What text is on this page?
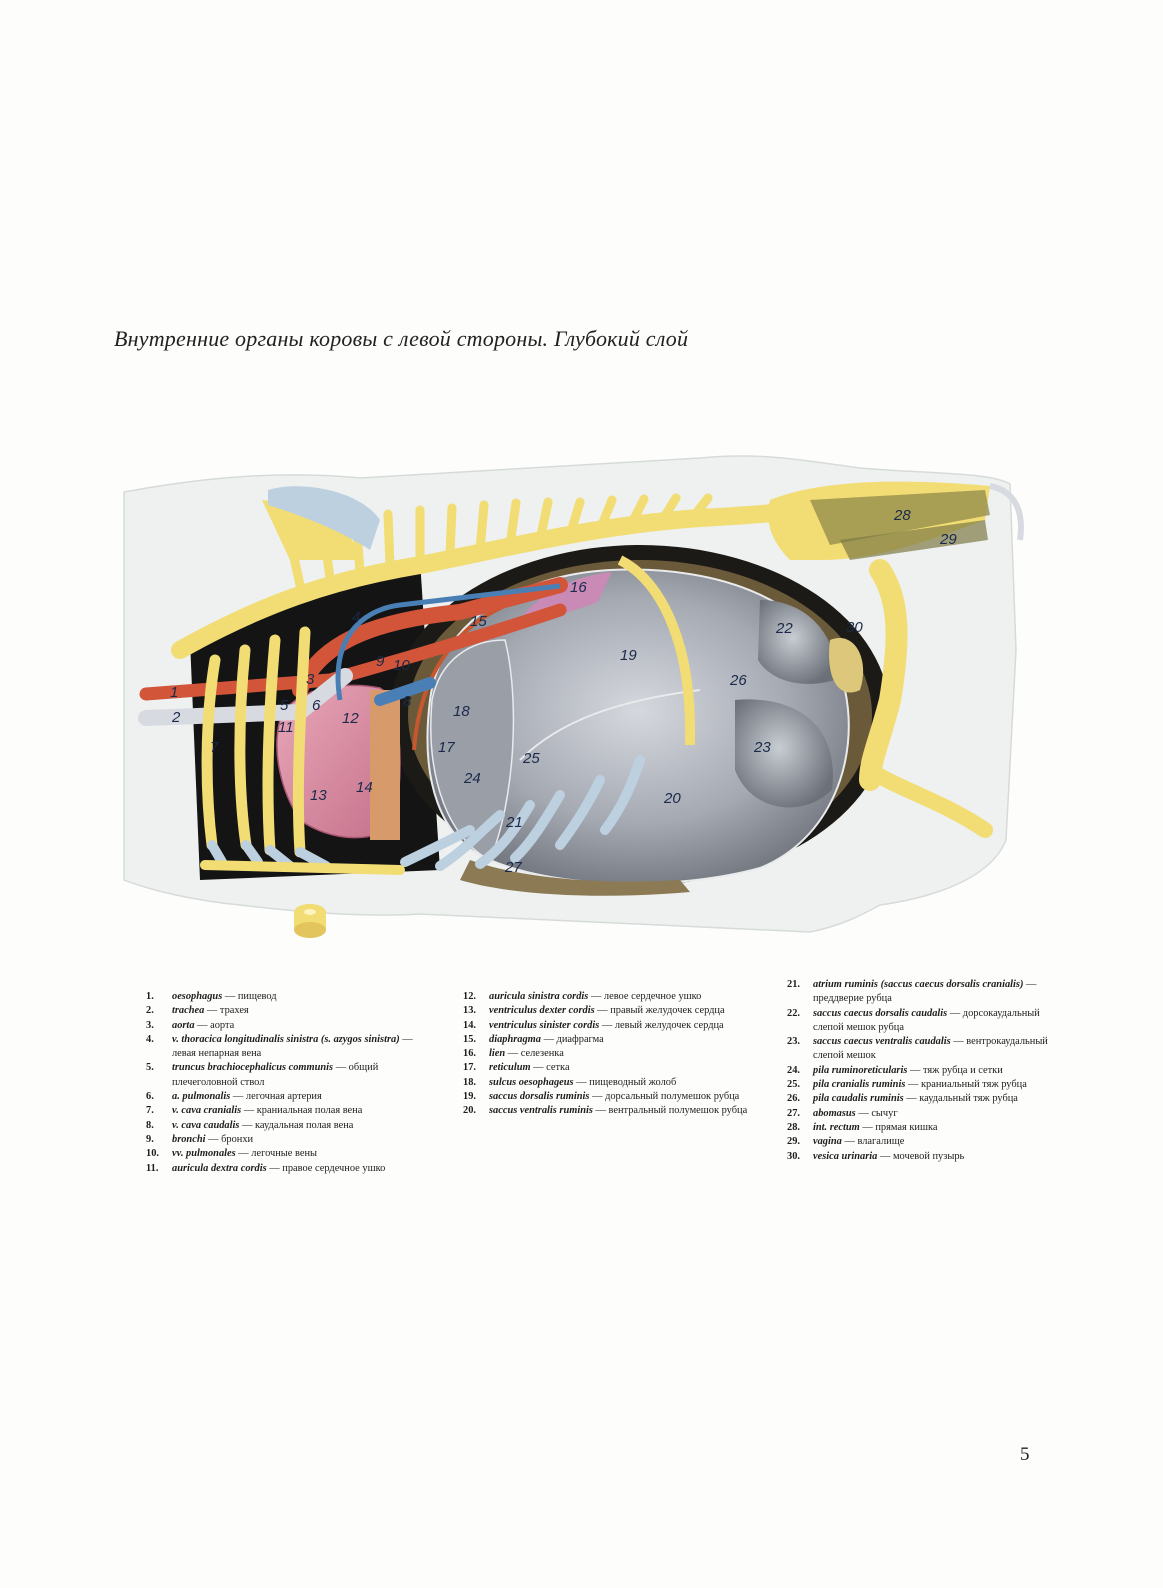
Внутренние органы коровы с левой стороны. Глубокий слой
1
2
3
4
5 6
7
8
9 10
11
12
13 14
15
16
17
18
19
20
21
22
23
24
25
26
27
28
29
30
1.	oesophagus — пищевод
2.	trachea — трахея
3.	aorta — аорта
4.	v. thoracica longitudinalis sinistra (s. azygos sinistra) — левая непарная вена
5.	truncus brachiocephalicus communis — общий плечеголовной ствол
6.	a. pulmonalis — легочная артерия
7.	v. cava cranialis — краниальная полая вена
8.	v. cava caudalis — каудальная полая вена
9.	bronchi — бронхи
10.	vv. pulmonales — легочные вены
11.	auricula dextra cordis — правое сердечное ушко
12.	auricula sinistra cordis — левое сердечное ушко
13.	ventriculus dexter cordis — правый желудочек сердца
14.	ventriculus sinister cordis — левый желудочек сердца
15.	diaphragma — диафрагма
16.	lien — селезенка
17.	reticulum — сетка
18.	sulcus oesophageus — пищеводный жолоб
19.	saccus dorsalis ruminis — дорсальный полумешок рубца
20.	saccus ventralis ruminis — вентральный полумешок рубца
21.	atrium ruminis (saccus caecus dorsalis cranialis) — преддверие рубца
22.	saccus caecus dorsalis caudalis — дорсокаудальный слепой мешок рубца
23.	saccus caecus ventralis caudalis — вентрокаудальный слепой мешок
24.	pila ruminoreticularis — тяж рубца и сетки
25.	pila cranialis ruminis — краниальный тяж рубца
26.	pila caudalis ruminis — каудальный тяж рубца
27.	abomasus — сычуг
28.	int. rectum — прямая кишка
29.	vagina — влагалище
30.	vesica urinaria — мочевой пузырь
5
